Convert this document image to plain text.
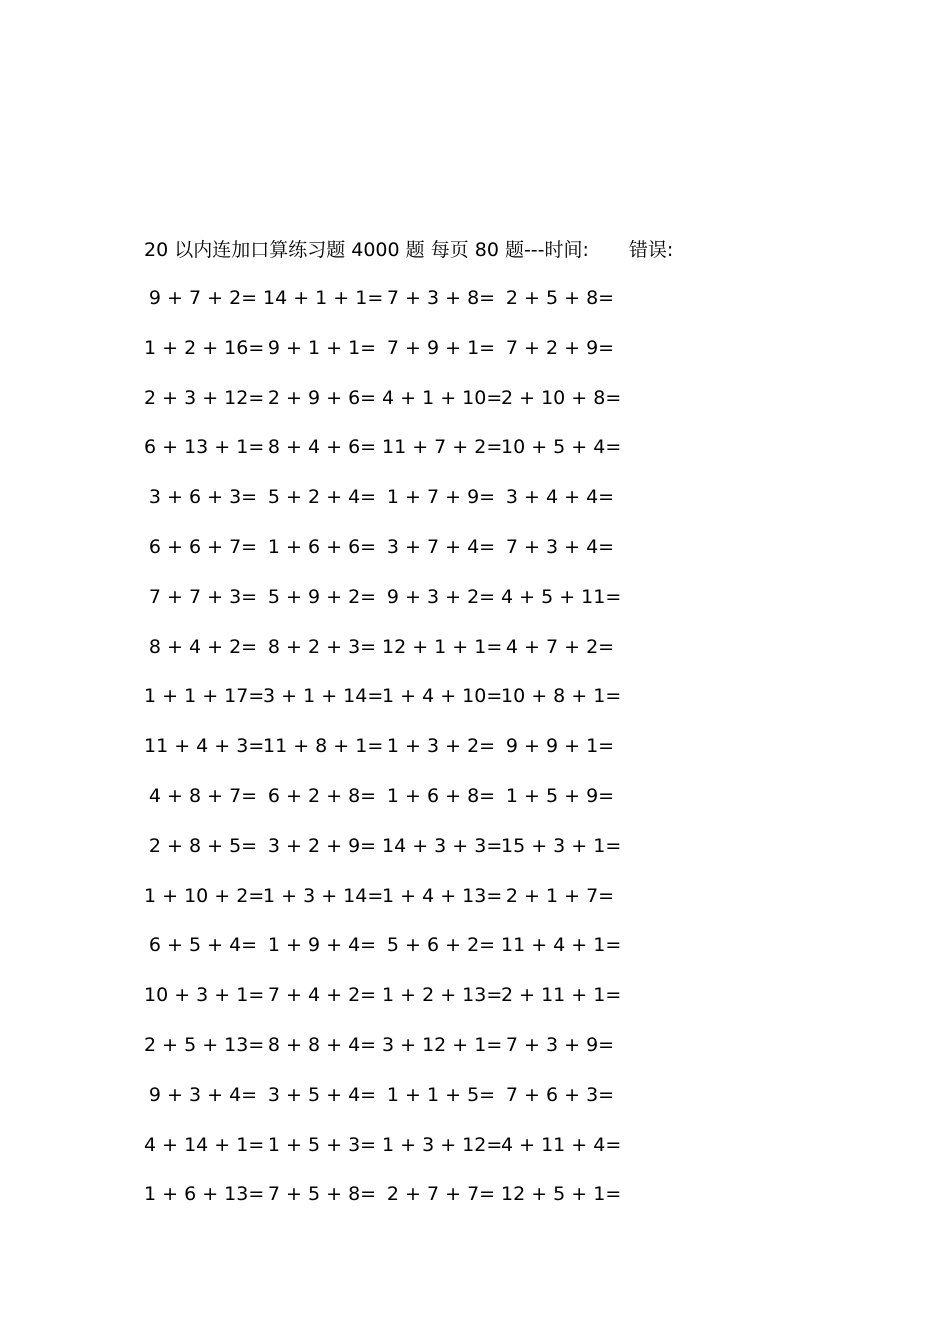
20 以内连加口算练习题 4000 题 每页 80 题---时间: 错误:
9 + 7 + 2= 14 + 1 + 1= 7 + 3 + 8= 2 + 5 + 8=
1 + 2 + 16= 9 + 1 + 1= 7 + 9 + 1= 7 + 2 + 9=
2 + 3 + 12= 2 + 9 + 6= 4 + 1 + 10=
2 + 10 + 8=
6 + 13 + 1= 8 + 4 + 6= 11 + 7 + 2=
10 + 5 + 4=
3 + 6 + 3= 5 + 2 + 4= 1 + 7 + 9= 3 + 4 + 4=
6 + 6 + 7= 1 + 6 + 6= 3 + 7 + 4= 7 + 3 + 4=
7 + 7 + 3= 5 + 9 + 2= 9 + 3 + 2= 4 + 5 + 11=
8 + 4 + 2= 8 + 2 + 3= 12 + 1 + 1= 4 + 7 + 2=
1 + 1 + 17=
3 + 1 + 14=
1 + 4 + 10=
10 + 8 + 1=
11 + 4 + 3=
11 + 8 + 1= 1 + 3 + 2= 9 + 9 + 1=
4 + 8 + 7= 6 + 2 + 8= 1 + 6 + 8= 1 + 5 + 9=
2 + 8 + 5= 3 + 2 + 9= 14 + 3 + 3=
15 + 3 + 1=
1 + 10 + 2=
1 + 3 + 14=
1 + 4 + 13= 2 + 1 + 7=
6 + 5 + 4= 1 + 9 + 4= 5 + 6 + 2= 11 + 4 + 1=
10 + 3 + 1= 7 + 4 + 2= 1 + 2 + 13=
2 + 11 + 1=
2 + 5 + 13= 8 + 8 + 4= 3 + 12 + 1= 7 + 3 + 9=
9 + 3 + 4= 3 + 5 + 4= 1 + 1 + 5= 7 + 6 + 3=
4 + 14 + 1= 1 + 5 + 3= 1 + 3 + 12=
4 + 11 + 4=
1 + 6 + 13= 7 + 5 + 8= 2 + 7 + 7= 12 + 5 + 1=
